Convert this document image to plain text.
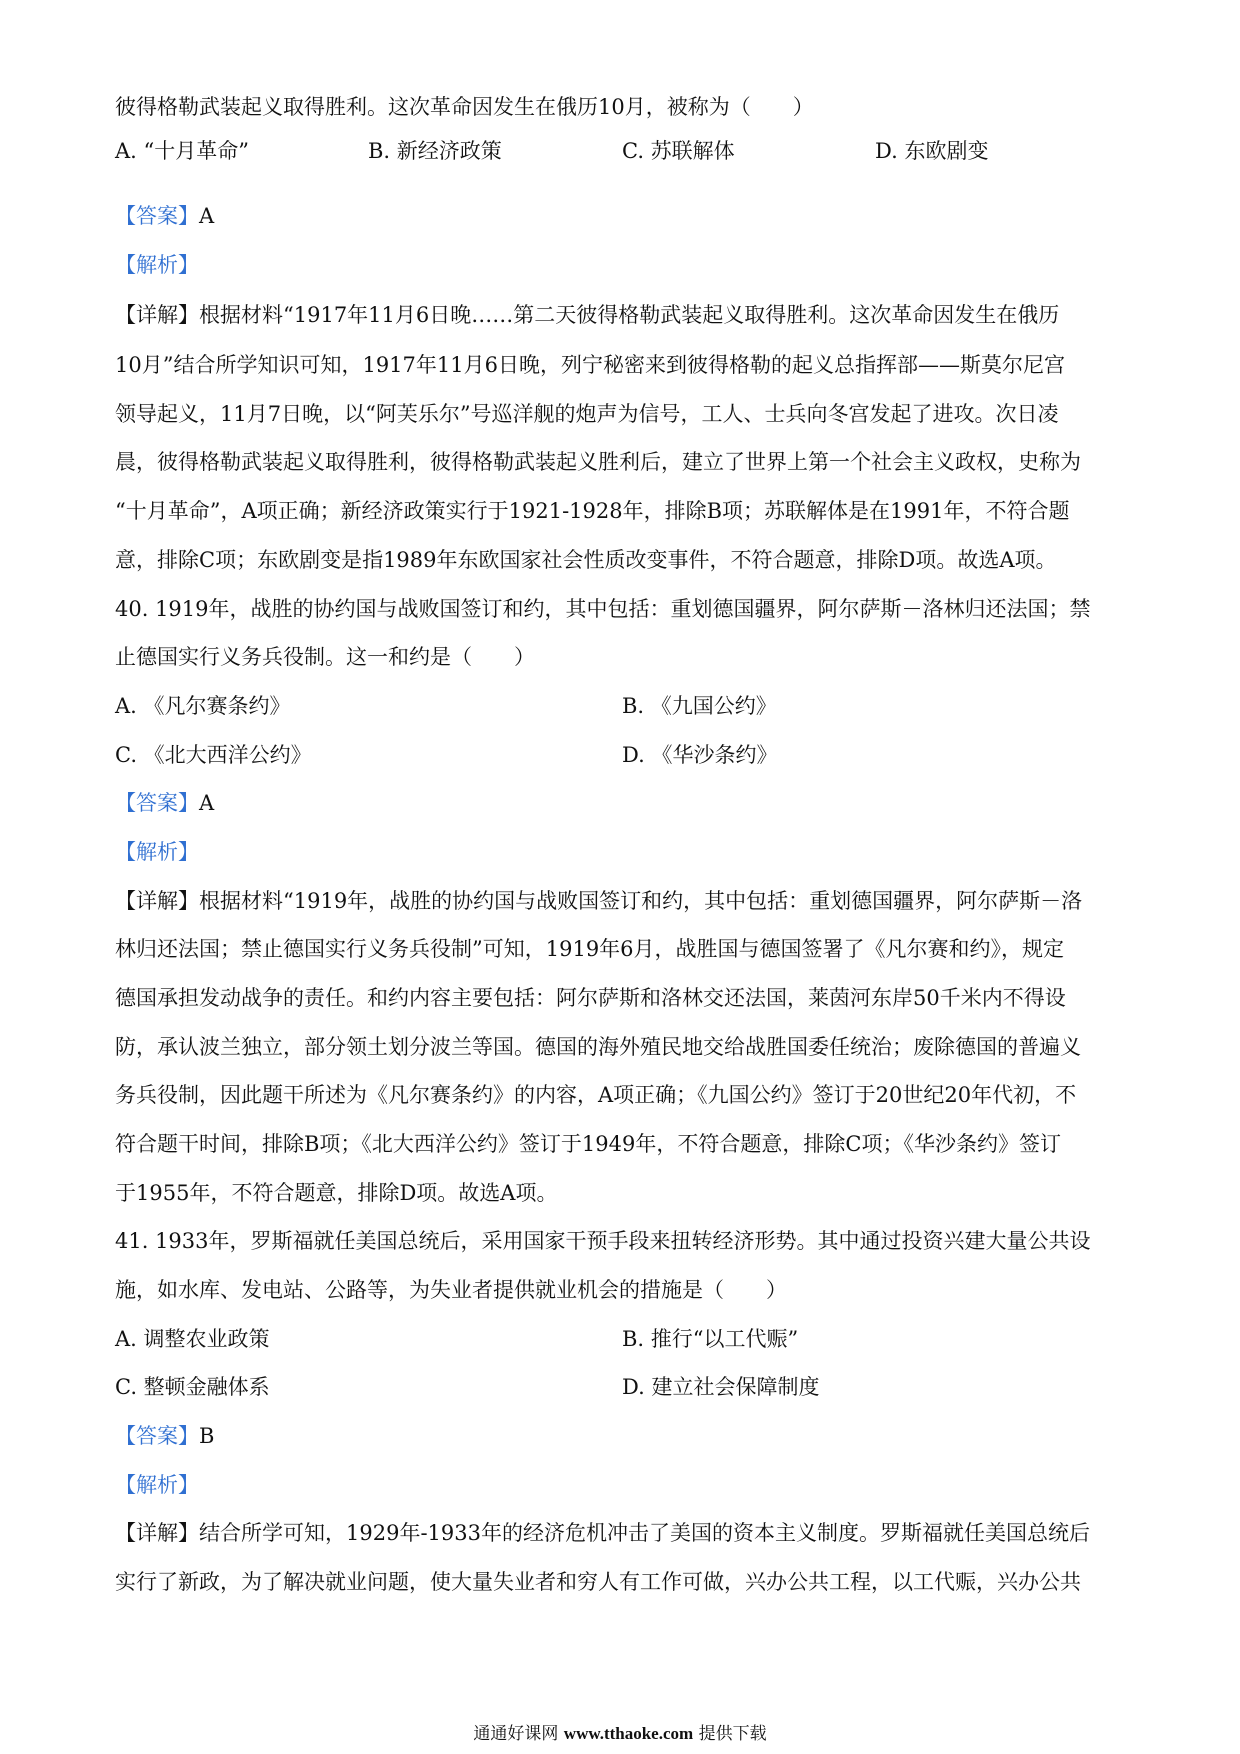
彼得格勒武装起义取得胜利。这次革命因发生在俄历10月，被称为（　　）
A. “十月革命”	B. 新经济政策	C. 苏联解体	D. 东欧剧变
【答案】A
【解析】
【详解】根据材料“1917年11月6日晚……第二天彼得格勒武装起义取得胜利。这次革命因发生在俄历
10月”结合所学知识可知，1917年11月6日晚，列宁秘密来到彼得格勒的起义总指挥部——斯莫尔尼宫
领导起义，11月7日晚，以“阿芙乐尔”号巡洋舰的炮声为信号，工人、士兵向冬宫发起了进攻。次日凌
晨，彼得格勒武装起义取得胜利，彼得格勒武装起义胜利后，建立了世界上第一个社会主义政权，史称为
“十月革命”，A项正确；新经济政策实行于1921-1928年，排除B项；苏联解体是在1991年，不符合题
意，排除C项；东欧剧变是指1989年东欧国家社会性质改变事件，不符合题意，排除D项。故选A项。
40. 1919年，战胜的协约国与战败国签订和约，其中包括：重划德国疆界，阿尔萨斯－洛林归还法国；禁
止德国实行义务兵役制。这一和约是（　　）
A. 《凡尔赛条约》	B. 《九国公约》
C. 《北大西洋公约》	D. 《华沙条约》
【答案】A
【解析】
【详解】根据材料“1919年，战胜的协约国与战败国签订和约，其中包括：重划德国疆界，阿尔萨斯－洛
林归还法国；禁止德国实行义务兵役制”可知，1919年6月，战胜国与德国签署了《凡尔赛和约》，规定
德国承担发动战争的责任。和约内容主要包括：阿尔萨斯和洛林交还法国，莱茵河东岸50千米内不得设
防，承认波兰独立，部分领土划分波兰等国。德国的海外殖民地交给战胜国委任统治；废除德国的普遍义
务兵役制，因此题干所述为《凡尔赛条约》的内容，A项正确；《九国公约》签订于20世纪20年代初，不
符合题干时间，排除B项；《北大西洋公约》签订于1949年，不符合题意，排除C项；《华沙条约》签订
于1955年，不符合题意，排除D项。故选A项。
41. 1933年，罗斯福就任美国总统后，采用国家干预手段来扭转经济形势。其中通过投资兴建大量公共设
施，如水库、发电站、公路等，为失业者提供就业机会的措施是（　　）
A. 调整农业政策	B. 推行“以工代赈”
C. 整顿金融体系	D. 建立社会保障制度
【答案】B
【解析】
【详解】结合所学可知，1929年-1933年的经济危机冲击了美国的资本主义制度。罗斯福就任美国总统后
实行了新政，为了解决就业问题，使大量失业者和穷人有工作可做，兴办公共工程，以工代赈，兴办公共
通通好课网 www.tthaoke.com 提供下载
